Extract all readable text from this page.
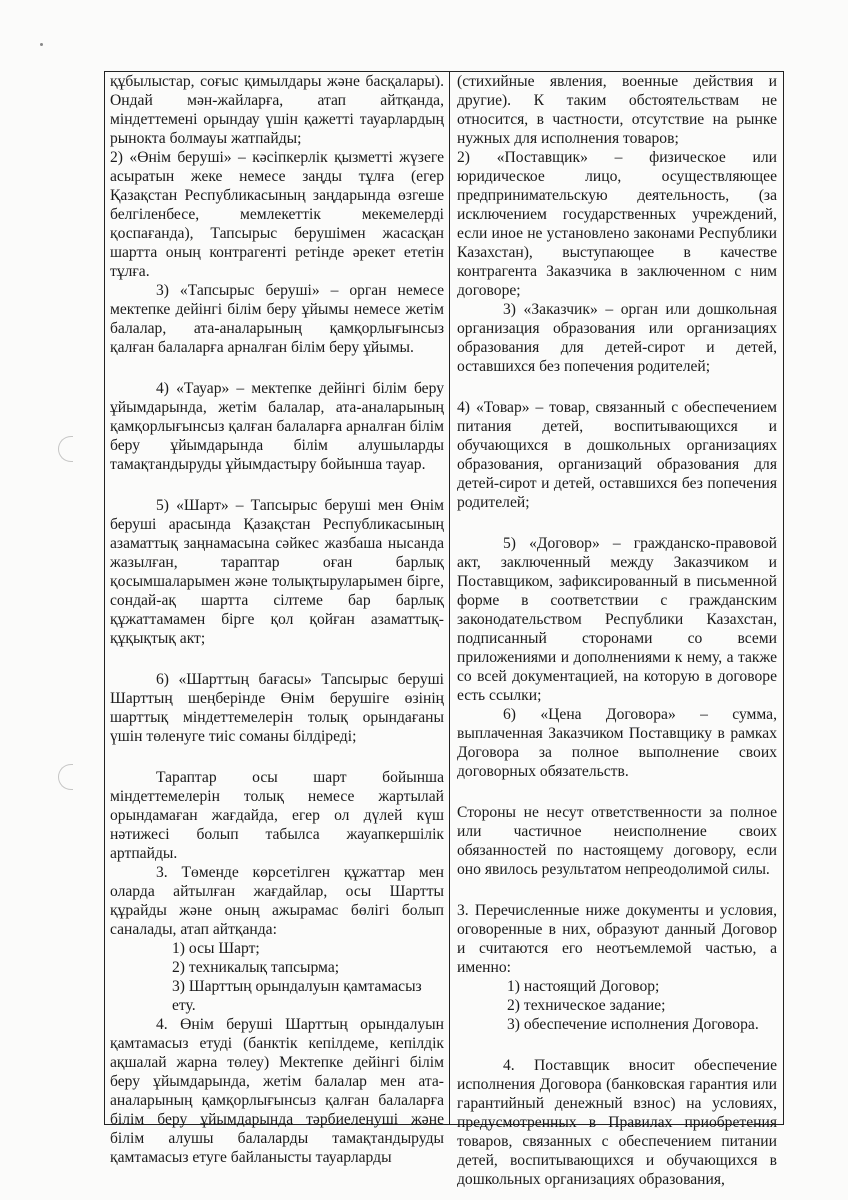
құбылыстар, соғыс қимылдары және басқалары). Ондай мән-жайларға, атап айтқанда, міндеттемені орындау үшін қажетті тауарлардың рынокта болмауы жатпайды;

2) «Өнім беруші» – кәсіпкерлік қызметті жүзеге асыратын жеке немесе заңды тұлға (егер Қазақстан Республикасының заңдарында өзгеше белгіленбесе, мемлекеттік мекемелерді қоспағанда), Тапсырыс берушімен жасасқан шартта оның контрагенті ретінде әрекет ететін тұлға.

3) «Тапсырыс беруші» – орган немесе мектепке дейінгі білім беру ұйымы немесе жетім балалар, ата-аналарының қамқорлығынсыз қалған балаларға арналған білім беру ұйымы.

4) «Тауар» – мектепке дейінгі білім беру ұйымдарында, жетім балалар, ата-аналарының қамқорлығынсыз қалған балаларға арналған білім беру ұйымдарында білім алушыларды тамақтандыруды ұйымдастыру бойынша тауар.

5) «Шарт» – Тапсырыс беруші мен Өнім беруші арасында Қазақстан Республикасының азаматтық заңнамасына сәйкес жазбаша нысанда жазылған, тараптар оған барлық қосымшаларымен және толықтыруларымен бірге, сондай-ақ шартта сілтеме бар барлық құжаттамамен бірге қол қойған азаматтық-құқықтық акт;

6) «Шарттың бағасы» Тапсырыс беруші Шарттың шеңберінде Өнім берушіге өзінің шарттық міндеттемелерін толық орындағаны үшін төленуге тиіс соманы білдіреді;

Тараптар осы шарт бойынша міндеттемелерін толық немесе жартылай орындамаған жағдайда, егер ол дүлей күш нәтижесі болып табылса жауапкершілік артпайды.

3. Төменде көрсетілген құжаттар мен оларда айтылған жағдайлар, осы Шартты құрайды және оның ажырамас бөлігі болып саналады, атап айтқанда:

1) осы Шарт;

2) техникалық тапсырма;

3) Шарттың орындалуын қамтамасыз ету.

4. Өнім беруші Шарттың орындалуын қамтамасыз етуді (банктік кепілдеме, кепілдік ақшалай жарна төлеу) Мектепке дейінгі білім беру ұйымдарында, жетім балалар мен ата-аналарының қамқорлығынсыз қалған балаларға білім беру ұйымдарында тәрбиеленуші және білім алушы балаларды тамақтандыруды қамтамасыз етуге байланысты тауарларды

(стихийные явления, военные действия и другие). К таким обстоятельствам не относится, в частности, отсутствие на рынке нужных для исполнения товаров;

2) «Поставщик» – физическое или юридическое лицо, осуществляющее предпринимательскую деятельность, (за исключением государственных учреждений, если иное не установлено законами Республики Казахстан), выступающее в качестве контрагента Заказчика в заключенном с ним договоре;

3) «Заказчик» – орган или дошкольная организация образования или организациях образования для детей-сирот и детей, оставшихся без попечения родителей;

4) «Товар» – товар, связанный с обеспечением питания детей, воспитывающихся и обучающихся в дошкольных организациях образования, организаций образования для детей-сирот и детей, оставшихся без попечения родителей;

5) «Договор» – гражданско-правовой акт, заключенный между Заказчиком и Поставщиком, зафиксированный в письменной форме в соответствии с гражданским законодательством Республики Казахстан, подписанный сторонами со всеми приложениями и дополнениями к нему, а также со всей документацией, на которую в договоре есть ссылки;

6) «Цена Договора» – сумма, выплаченная Заказчиком Поставщику в рамках Договора за полное выполнение своих договорных обязательств.

Стороны не несут ответственности за полное или частичное неисполнение своих обязанностей по настоящему договору, если оно явилось результатом непреодолимой силы.

3. Перечисленные ниже документы и условия, оговоренные в них, образуют данный Договор и считаются его неотъемлемой частью, а именно:

1) настоящий Договор;

2) техническое задание;

3) обеспечение исполнения Договора.

4. Поставщик вносит обеспечение исполнения Договора (банковская гарантия или гарантийный денежный взнос) на условиях, предусмотренных в Правилах приобретения товаров, связанных с обеспечением питании детей, воспитывающихся и обучающихся в дошкольных организациях образования,
